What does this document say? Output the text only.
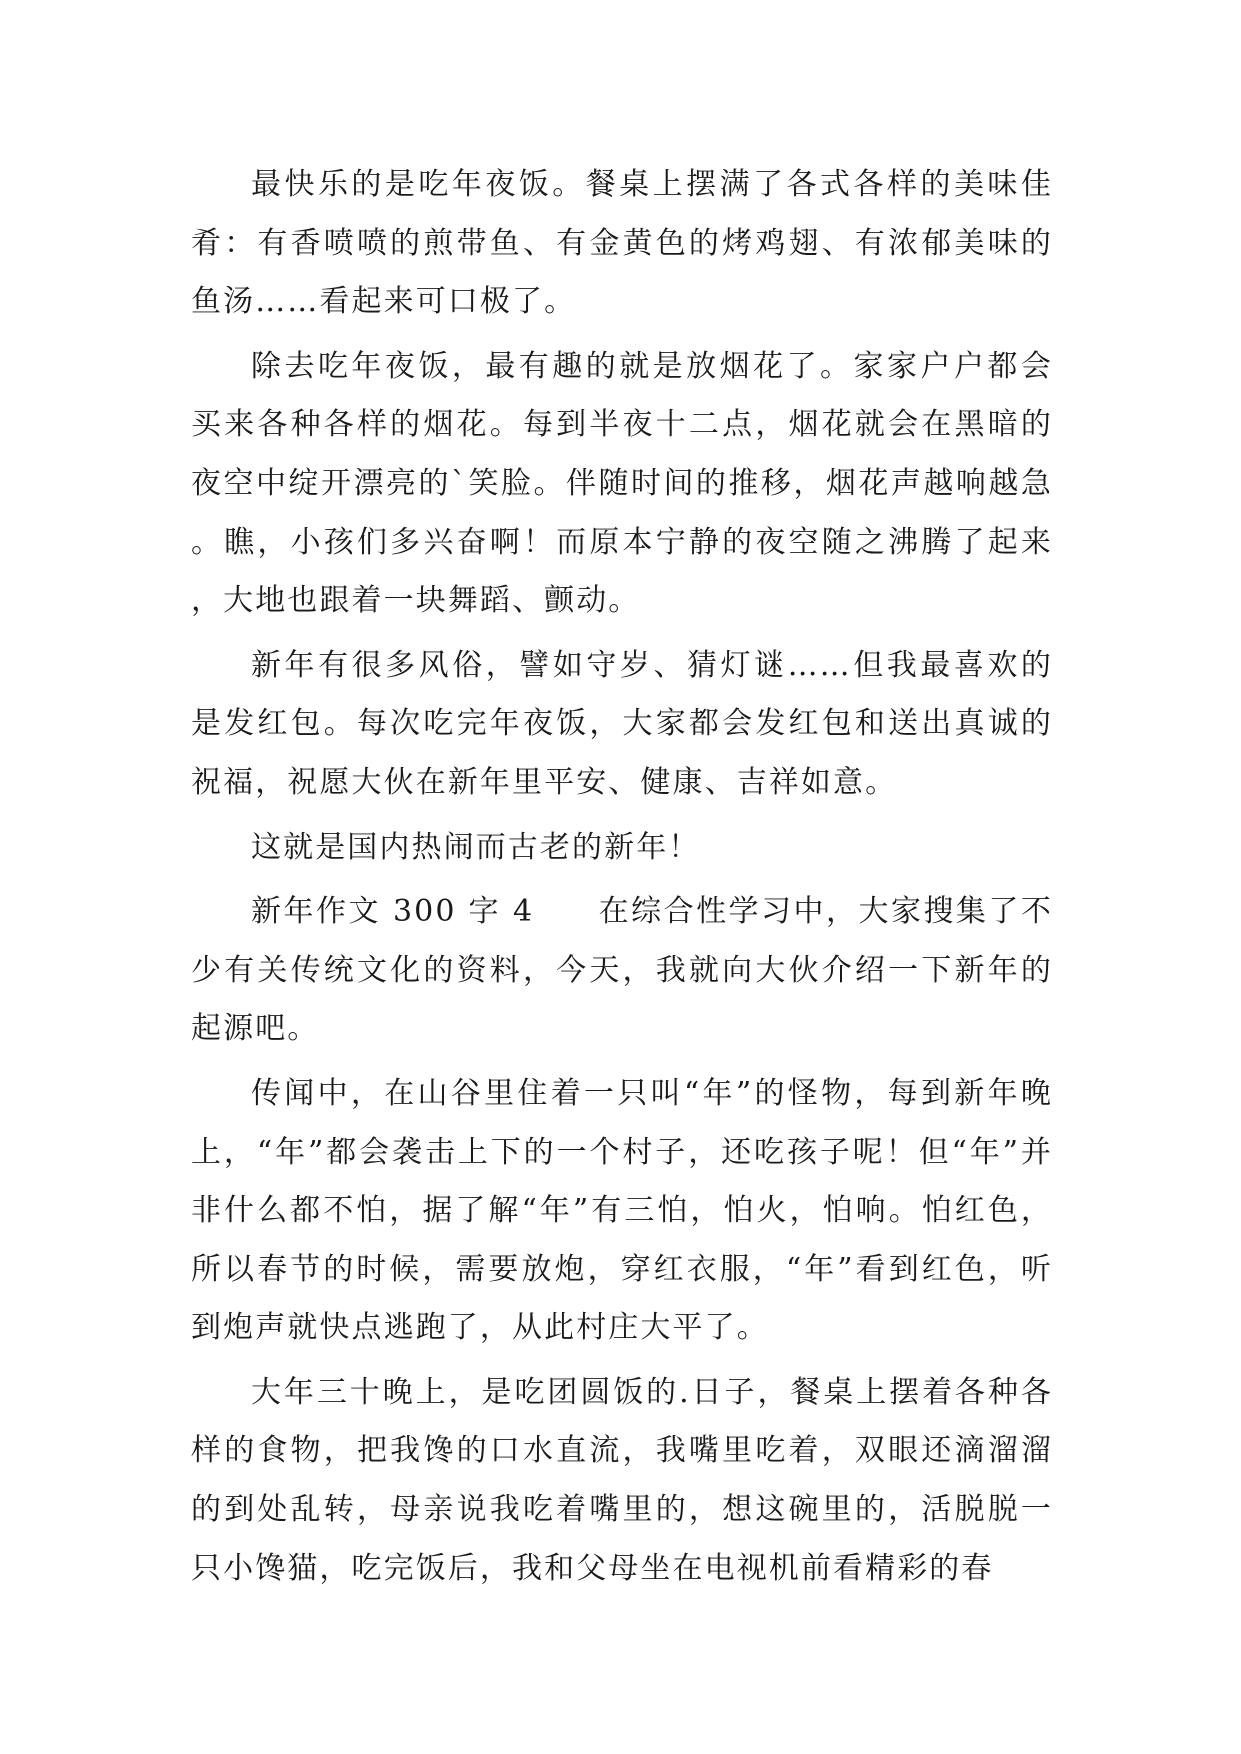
最快乐的是吃年夜饭。餐桌上摆满了各式各样的美味佳肴：有香喷喷的煎带鱼、有金黄色的烤鸡翅、有浓郁美味的鱼汤……看起来可口极了。

除去吃年夜饭，最有趣的就是放烟花了。家家户户都会买来各种各样的烟花。每到半夜十二点，烟花就会在黑暗的夜空中绽开漂亮的`笑脸。伴随时间的推移，烟花声越响越急。瞧，小孩们多兴奋啊！而原本宁静的夜空随之沸腾了起来，大地也跟着一块舞蹈、颤动。

新年有很多风俗，譬如守岁、猜灯谜……但我最喜欢的是发红包。每次吃完年夜饭，大家都会发红包和送出真诚的祝福，祝愿大伙在新年里平安、健康、吉祥如意。

这就是国内热闹而古老的新年！

新年作文 300 字 4 在综合性学习中，大家搜集了不少有关传统文化的资料，今天，我就向大伙介绍一下新年的起源吧。

传闻中，在山谷里住着一只叫“年”的怪物，每到新年晚上，“年”都会袭击上下的一个村子，还吃孩子呢！但“年”并非什么都不怕，据了解“年”有三怕，怕火，怕响。怕红色，所以春节的时候，需要放炮，穿红衣服，“年”看到红色，听到炮声就快点逃跑了，从此村庄大平了。

大年三十晚上，是吃团圆饭的.日子，餐桌上摆着各种各样的食物，把我馋的口水直流，我嘴里吃着，双眼还滴溜溜的到处乱转，母亲说我吃着嘴里的，想这碗里的，活脱脱一只小馋猫，吃完饭后，我和父母坐在电视机前看精彩的春
